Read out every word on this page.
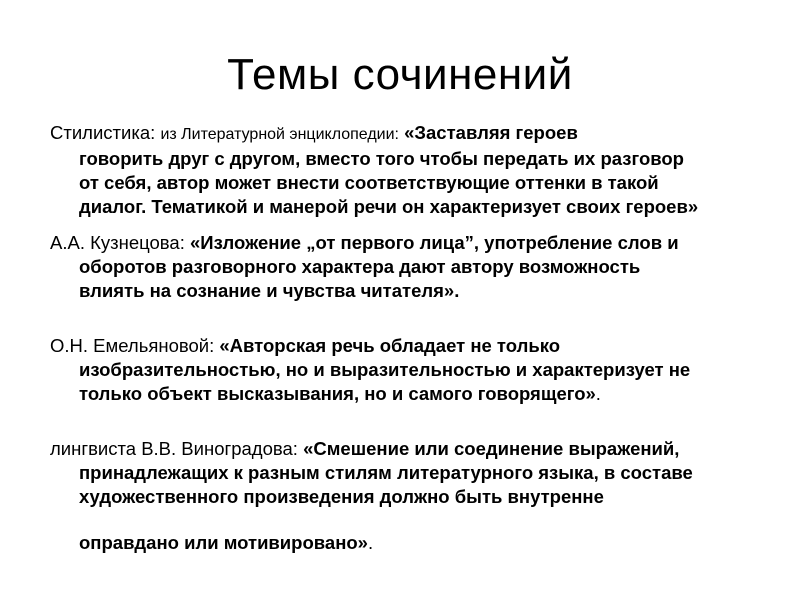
Темы сочинений
Стилистика: из Литературной энциклопедии: «Заставляя героев
говорить друг с другом, вместо того чтобы передать их разговор
от себя, автор может внести соответствующие оттенки в такой
диалог. Тематикой и манерой речи он характеризует своих героев»
А.А. Кузнецова: «Изложение „от первого лица”, употребление слов и
оборотов разговорного характера дают автору возможность
влиять на сознание и чувства читателя».
О.Н. Емельяновой: «Авторская речь обладает не только
изобразительностью, но и выразительностью и характеризует не
только объект высказывания, но и самого говорящего».
лингвиста В.В. Виноградова: «Смешение или соединение выражений,
принадлежащих к разным стилям литературного языка, в составе
художественного произведения должно быть внутренне
оправдано или мотивировано».
